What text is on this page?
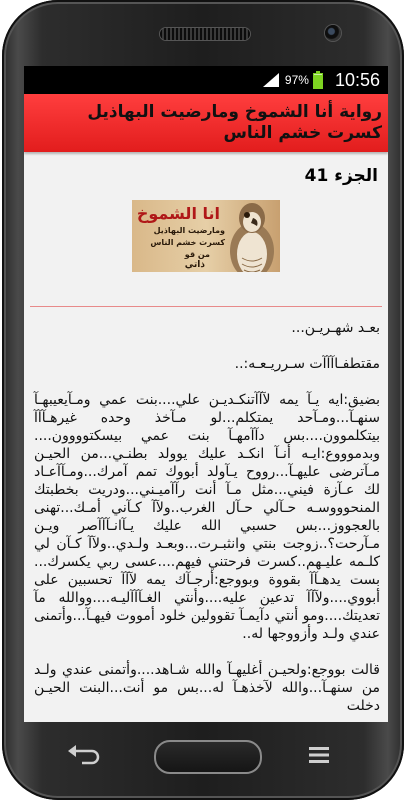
97% 10:56
رواية أنا الشموخ ومارضيت البهاذيل كسرت خشم الناس
الجزء 41
انا الشموخ
ومارضيت البهاذيل
كسرت خشم الناس
من قو
ذاتي

بعـد شهـريـن...

مقتطفـاآآآت سـرريـعـه:..

بضيق:ايه يـآ يمه لآآآتنكـديـن علي....بنت عمي ومـآيعيبهـآ سنهـآ...ومـآحد يمتكلم...لو مـآخذ وحده غيرهـآآآ بيتكلموون....بس دآآمهـآ بنت عمي بيسكتوووون.... وبدموووع:ايـه أنـآ انكـد عليك يوولد بطنـي...من الحيـن مـآترضى عليهـآ...رووح يـآولد أبووك تمم آمرك...ومـآآعـاد لك عـآزة فيني...مثل مـآ أنت رآآميـني...ودريت بخطبتك المنحوووسـه حـآلي حـآل الغرب..ولآآ كـآني أمـك...تهنى بالعجووز...بس حسبي الله عليك يـآانـآآآصر ويـن مـآرحت؟..زوجت بنتي وانثبـرت...وبعـد ولـدي..ولآآ كـآن لي كلـمه عليـهم..كسرت فرحتني فيهم....عسى ربي يكسرك... بست يدهـآآ بقووة وبووجع:أرجـآك يمه لآآآ تحسبين على أبووي....ولآآآ تدعين عليه....وأنتي الغـآآآليـه....ووالله مآ تعديتك....ومو أنتي دآيمـآ تقوولين خلود أمووت فيهـآ...وأتمنى عندي ولـد وأزووجها له..

قالت بووجع:ولحيـن أغليهـآ والله شـاهد....وأتمنى عندي ولـد من سنهـآ...والله لآخذهـآ له...بس مو أنت...البنت الحيـن دخلت
